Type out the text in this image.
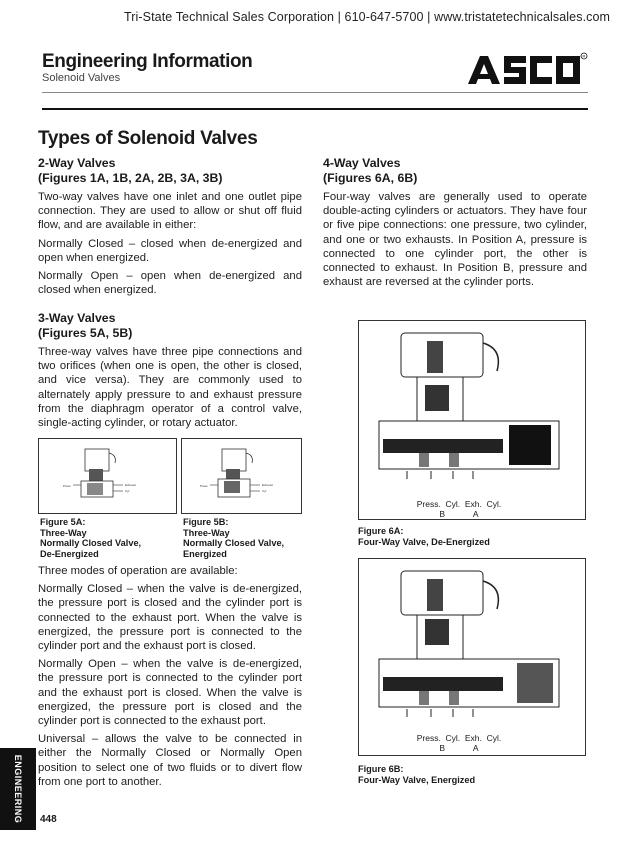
Tri-State Technical Sales Corporation | 610-647-5700 | www.tristatetechnicalsales.com
Engineering Information
Solenoid Valves
R
Types of Solenoid Valves
2-Way Valves
(Figures 1A, 1B, 2A, 2B, 3A, 3B)
Two-way valves have one inlet and one outlet pipe connection. They are used to allow or shut off fluid flow, and are available in either:
Normally Closed – closed when de-energized and open when energized.
Normally Open – open when de-energized and closed when energized.
3-Way Valves
(Figures 5A, 5B)
Three-way valves have three pipe connections and two orifices (when one is open, the other is closed, and vice versa). They are commonly used to alternately apply pressure to and exhaust pressure from the diaphragm operator of a control valve, single-acting cylinder, or rotary actuator.
Press	Exhaust
Cyl
Figure 5A:
Three-Way
Normally Closed Valve,
De-Energized
Press	Exhaust
Cyl
Figure 5B:
Three-Way
Normally Closed Valve,
Energized
Three modes of operation are available:
Normally Closed – when the valve is de-energized, the pressure port is closed and the cylinder port is connected to the exhaust port. When the valve is energized, the pressure port is connected to the cylinder port and the exhaust port is closed.
Normally Open – when the valve is de-energized, the pressure port is connected to the cylinder port and the exhaust port is closed. When the valve is energized, the pressure port is closed and the cylinder port is connected to the exhaust port.
Universal – allows the valve to be connected in either the Normally Closed or Normally Open position to select one of two fluids or to divert flow from one port to another.
4-Way Valves
(Figures 6A, 6B)
Four-way valves are generally used to operate double-acting cylinders or actuators. They have four or five pipe connections: one pressure, two cylinder, and one or two exhausts. In Position A, pressure is connected to one cylinder port, the other is connected to exhaust. In Position B, pressure and exhaust are reversed at the cylinder ports.
Press.  Cyl.  Exh.  Cyl.
B            A
Figure 6A:
Four-Way Valve, De-Energized
Press.  Cyl.  Exh.  Cyl.
B            A
Figure 6B:
Four-Way Valve, Energized
ENGINEERING 448
